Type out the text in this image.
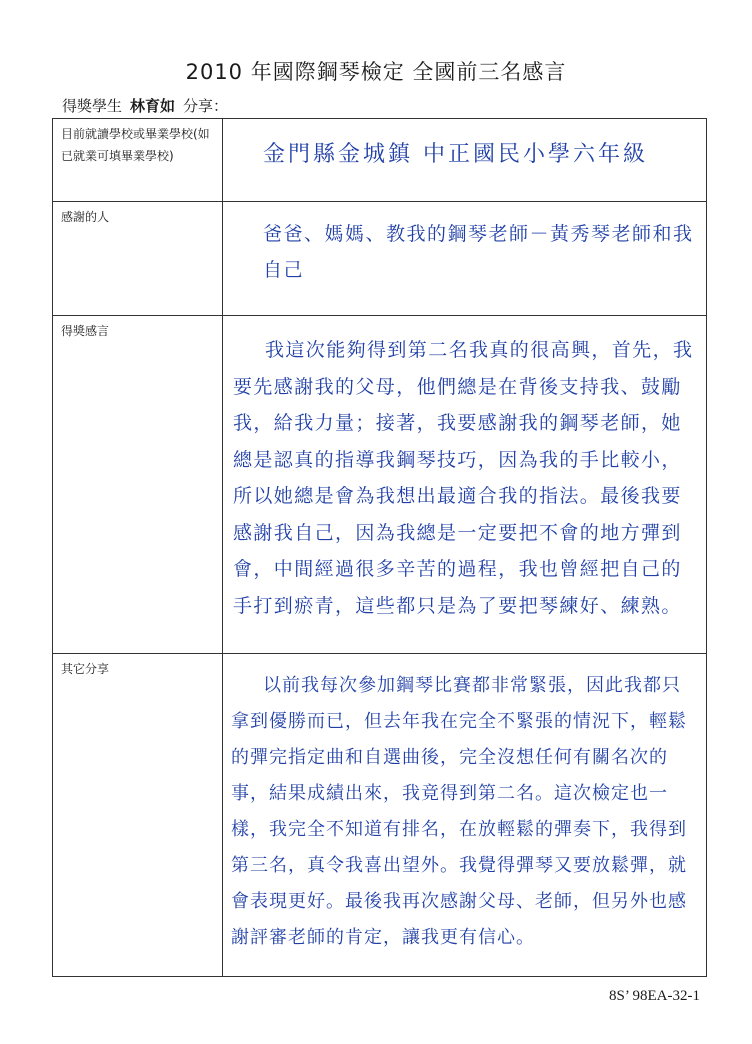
2010 年國際鋼琴檢定 全國前三名感言
得獎學生 林育如 分享：
目前就讀學校或畢業學校(如已就業可填畢業學校)	金門縣金城鎮 中正國民小學六年級

感謝的人	爸爸、媽媽、教我的鋼琴老師－黃秀琴老師和我自己

得獎感言	我這次能夠得到第二名我真的很高興，首先，我要先感謝我的父母，他們總是在背後支持我、鼓勵我，給我力量；接著，我要感謝我的鋼琴老師，她總是認真的指導我鋼琴技巧，因為我的手比較小，所以她總是會為我想出最適合我的指法。最後我要感謝我自己，因為我總是一定要把不會的地方彈到會，中間經過很多辛苦的過程，我也曾經把自己的手打到瘀青，這些都只是為了要把琴練好、練熟。

其它分享	以前我每次參加鋼琴比賽都非常緊張，因此我都只拿到優勝而已，但去年我在完全不緊張的情況下，輕鬆的彈完指定曲和自選曲後，完全沒想任何有關名次的事，結果成績出來，我竟得到第二名。這次檢定也一樣，我完全不知道有排名，在放輕鬆的彈奏下，我得到第三名，真令我喜出望外。我覺得彈琴又要放鬆彈，就會表現更好。最後我再次感謝父母、老師，但另外也感謝評審老師的肯定，讓我更有信心。
8S’ 98EA-32-1
